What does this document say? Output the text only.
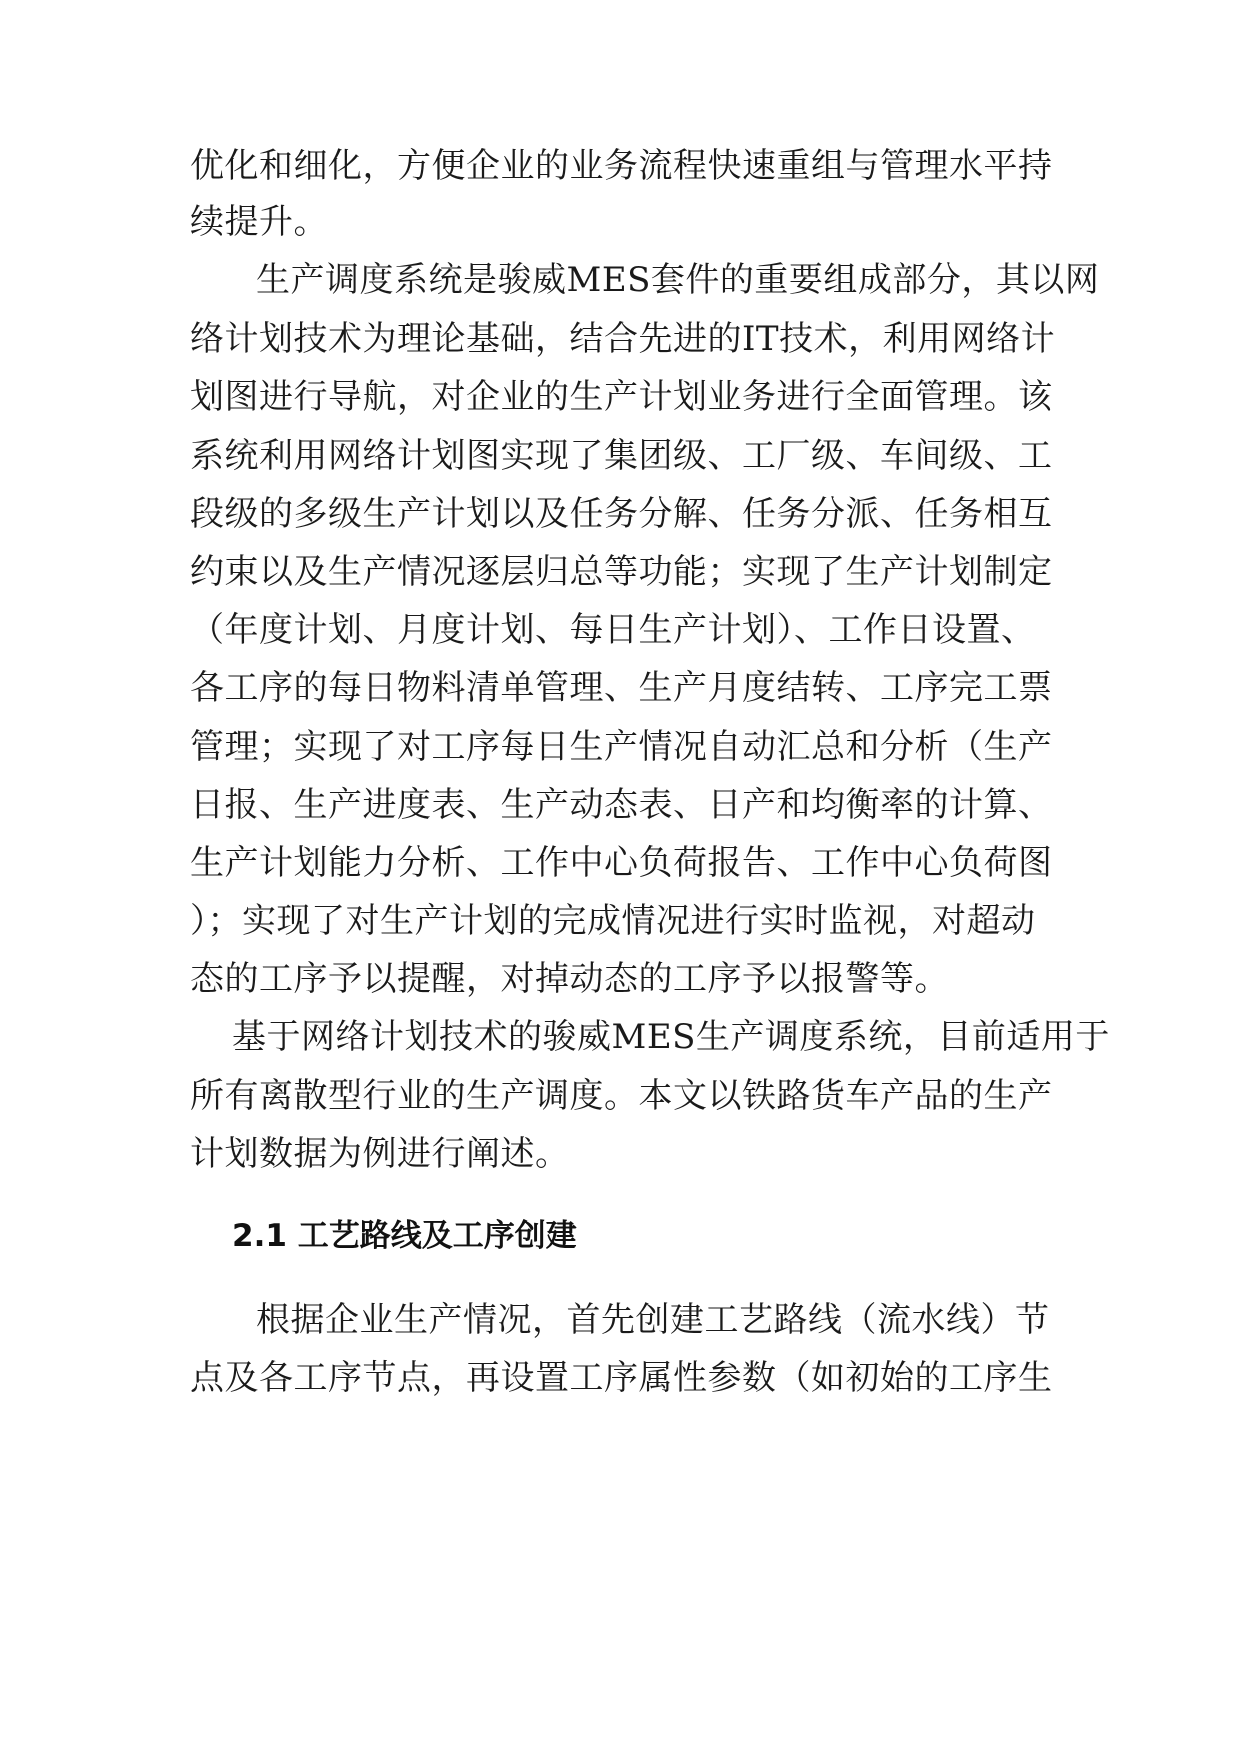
优化和细化，方便企业的业务流程快速重组与管理水平持
续提升。
生产调度系统是骏威MES套件的重要组成部分，其以网
络计划技术为理论基础，结合先进的IT技术，利用网络计
划图进行导航，对企业的生产计划业务进行全面管理。该
系统利用网络计划图实现了集团级、工厂级、车间级、工
段级的多级生产计划以及任务分解、任务分派、任务相互
约束以及生产情况逐层归总等功能；实现了生产计划制定
（年度计划、月度计划、每日生产计划）、工作日设置、
各工序的每日物料清单管理、生产月度结转、工序完工票
管理；实现了对工序每日生产情况自动汇总和分析（生产
日报、生产进度表、生产动态表、日产和均衡率的计算、
生产计划能力分析、工作中心负荷报告、工作中心负荷图
）；实现了对生产计划的完成情况进行实时监视，对超动
态的工序予以提醒，对掉动态的工序予以报警等。
基于网络计划技术的骏威MES生产调度系统，目前适用于
所有离散型行业的生产调度。本文以铁路货车产品的生产
计划数据为例进行阐述。
2.1 工艺路线及工序创建
根据企业生产情况，首先创建工艺路线（流水线）节
点及各工序节点，再设置工序属性参数（如初始的工序生
